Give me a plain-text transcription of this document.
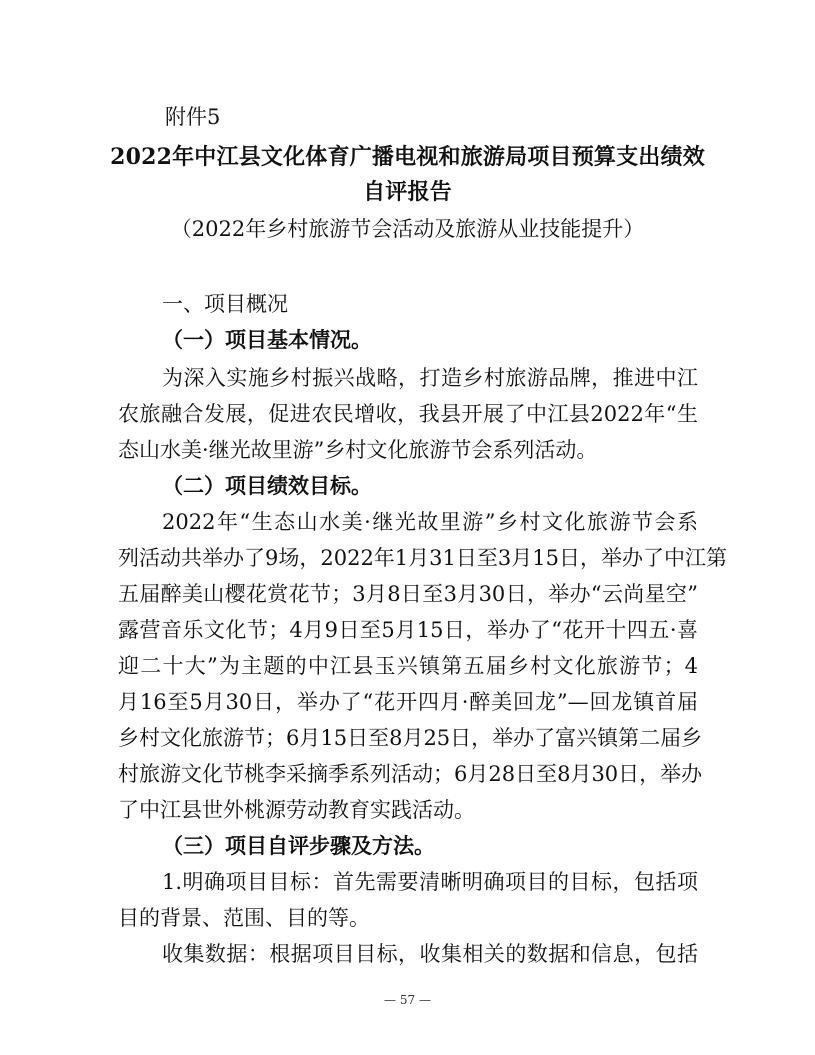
附件5
2022年中江县文化体育广播电视和旅游局项目预算支出绩效
自评报告
（2022年乡村旅游节会活动及旅游从业技能提升）
一、项目概况
（一）项目基本情况。
为深入实施乡村振兴战略，打造乡村旅游品牌，推进中江
农旅融合发展，促进农民增收，我县开展了中江县2022年“生
态山水美·继光故里游”乡村文化旅游节会系列活动。
（二）项目绩效目标。
2022年“生态山水美·继光故里游”乡村文化旅游节会系
列活动共举办了9场，2022年1月31日至3月15日，举办了中江第
五届醉美山樱花赏花节；3月8日至3月30日，举办“云尚星空”
露营音乐文化节；4月9日至5月15日，举办了“花开十四五·喜
迎二十大”为主题的中江县玉兴镇第五届乡村文化旅游节；4
月16至5月30日，举办了“花开四月·醉美回龙”—回龙镇首届
乡村文化旅游节；6月15日至8月25日，举办了富兴镇第二届乡
村旅游文化节桃李采摘季系列活动；6月28日至8月30日，举办
了中江县世外桃源劳动教育实践活动。
（三）项目自评步骤及方法。
1.明确项目目标：首先需要清晰明确项目的目标，包括项
目的背景、范围、目的等。
收集数据：根据项目目标，收集相关的数据和信息，包括
— 57 —
